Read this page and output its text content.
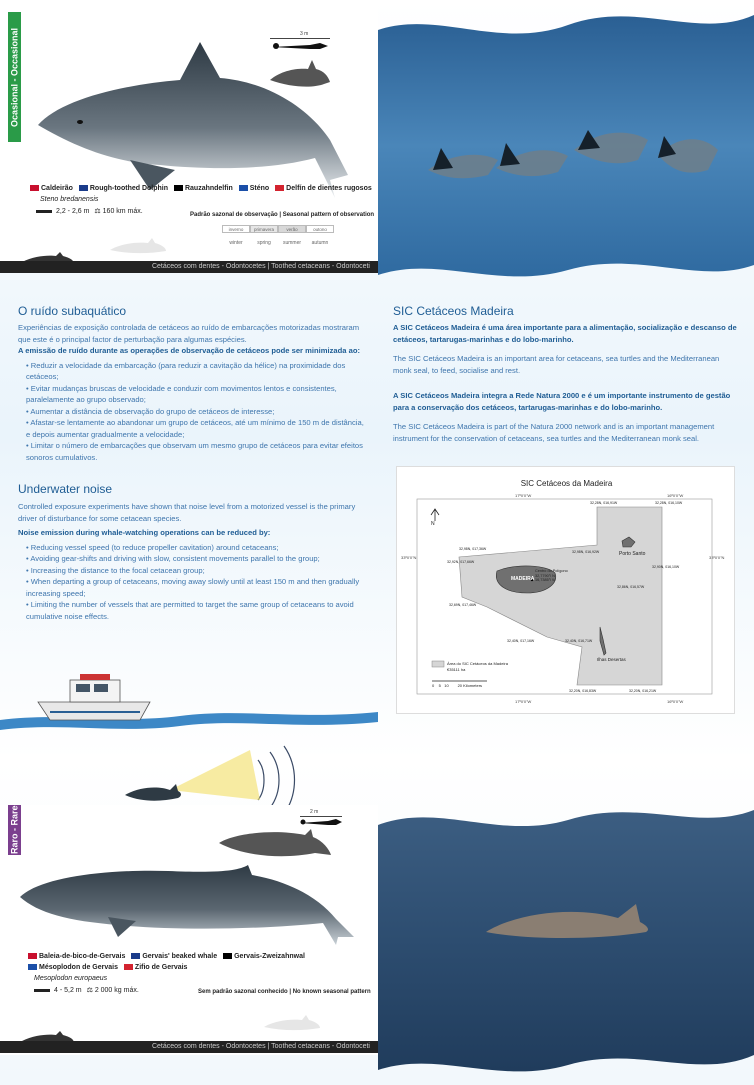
Ocasional - Occasional	3 m
Caldeirão Rough-toothed Dolphin Rauzahndelfin Sténo Delfín de dientes rugosos
Steno bredanensis
2,2 - 2,6 m ⚖ 160 km máx.	Padrão sazonal de observação | Seasonal pattern of observation
inverno	primavera	verão	outono
winter	spring	summer	autumn
Cetáceos com dentes - Odontocetes | Toothed cetaceans - Odontoceti
O ruído subaquático

Experiências de exposição controlada de cetáceos ao ruído de embarcações motorizadas mostraram que este é o principal factor de perturbação para algumas espécies.

A emissão de ruído durante as operações de observação de cetáceos pode ser minimizada ao:

• Reduzir a velocidade da embarcação (para reduzir a cavitação da hélice) na proximidade dos cetáceos;

• Evitar mudanças bruscas de velocidade e conduzir com movimentos lentos e consistentes, paralelamente ao grupo observado;

• Aumentar a distância de observação do grupo de cetáceos de interesse;

• Afastar-se lentamente ao abandonar um grupo de cetáceos, até um mínimo de 150 m de distância, e depois aumentar gradualmente a velocidade;

• Limitar o número de embarcações que observam um mesmo grupo de cetáceos para evitar efeitos sonoros cumulativos.

Underwater noise

Controlled exposure experiments have shown that noise level from a motorized vessel is the primary driver of disturbance for some cetacean species.

Noise emission during whale-watching operations can be reduced by:

• Reducing vessel speed (to reduce propeller cavitation) around cetaceans;

• Avoiding gear-shifts and driving with slow, consistent movements parallel to the group;

• Increasing the distance to the focal cetacean group;

• When departing a group of cetaceans, moving away slowly until at least 150 m and then gradually increasing speed;

• Limiting the number of vessels that are permitted to target the same group of cetaceans to avoid cumulative noise effects.

SIC Cetáceos Madeira

A SIC Cetáceos Madeira é uma área importante para a alimentação, socialização e descanso de cetáceos, tartarugas-marinhas e do lobo-marinho.

The SIC Cetáceos Madeira is an important area for cetaceans, sea turtles and the Mediterranean monk seal, to feed, socialise and rest.

A SIC Cetáceos Madeira integra a Rede Natura 2000 e é um importante instrumento de gestão para a conservação dos cetáceos, tartarugas-marinhas e do lobo-marinho.

The SIC Cetáceos Madeira is part of the Natura 2000 network and is an important management instrument for the conservation of cetaceans, sea turtles and the Mediterranean monk seal.

SIC Cetáceos da Madeira
17º0'0"W	16º0'0"W
33º0'0"N	33º0'0"N
17º0'0"W	16º0'0"W
N
MADEIRA
Porto Santo
Ilhas Desertas
Centro do Polígono
32,7790°l N
16,7385°l W
32,28N, 016,91W	32,28N, 016,10W
32,98N, 017,36W
32,98N, 016,92W
32,92N, 017,66W
32,90N, 016,10W
32,86N, 016,57W
32,69N, 017,46W
32,40N, 017,16W	32,40N, 016,71W
32,20N, 016,83W	32,20N, 016,21W
Área do SIC Cetáceos da Madeira
€35111 ha
0    5   10        20 Kilometers
Raro - Rare	2 m
Baleia-de-bico-de-Gervais Gervais' beaked whale Gervais-Zweizahnwal
Mésoplodon de Gervais Zifio de Gervais
Mesoplodon europaeus
4 - 5,2 m ⚖ 2 000 kg máx.	Sem padrão sazonal conhecido | No known seasonal pattern
Cetáceos com dentes - Odontocetes | Toothed cetaceans - Odontoceti
